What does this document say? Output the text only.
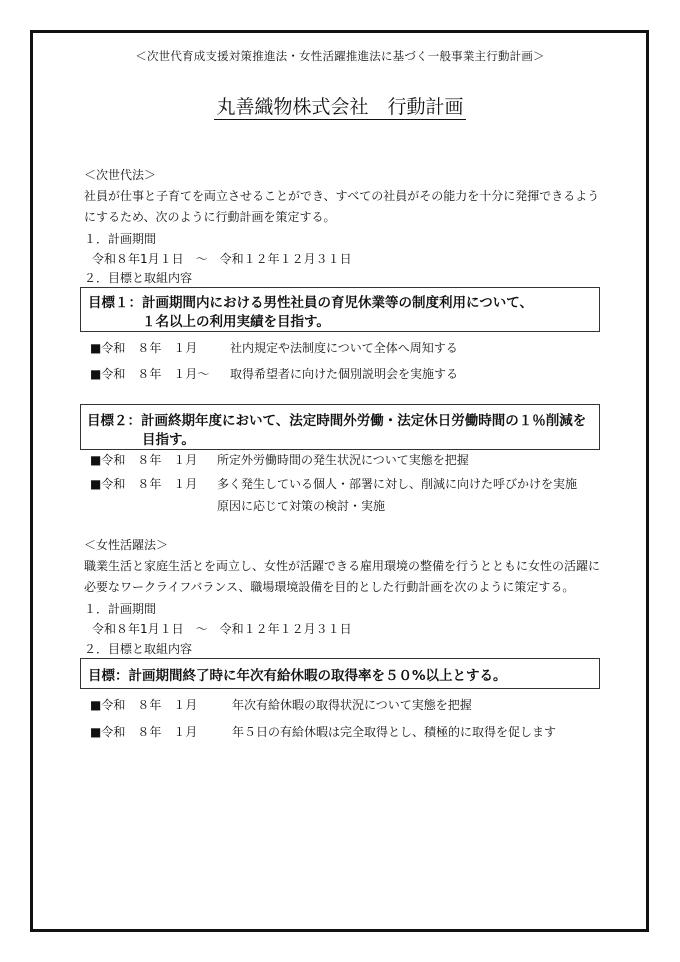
＜次世代育成支援対策推進法・女性活躍推進法に基づく一般事業主行動計画＞
丸善織物株式会社　行動計画
＜次世代法＞
社員が仕事と子育てを両立させることができ、すべての社員がその能力を十分に発揮できるよう
にするため、次のように行動計画を策定する。
１．計画期間
令和８年1月１日　～　令和１２年１２月３１日
２．目標と取組内容
目標１：計画期間内における男性社員の育児休業等の制度利用について、
１名以上の利用実績を目指す。
■令和　８年　１月	社内規定や法制度について全体へ周知する
■令和　８年　１月～ 取得希望者に向けた個別説明会を実施する
目標２：計画終期年度において、法定時間外労働・法定休日労働時間の１％削減を
目指す。
■令和　８年　１月 所定外労働時間の発生状況について実態を把握
■令和　８年　１月 多く発生している個人・部署に対し、削減に向けた呼びかけを実施
原因に応じて対策の検討・実施
＜女性活躍法＞
職業生活と家庭生活とを両立し、女性が活躍できる雇用環境の整備を行うとともに女性の活躍に
必要なワークライフバランス、職場環境設備を目的とした行動計画を次のように策定する。
１．計画期間
令和８年1月１日　～　令和１２年１２月３１日
２．目標と取組内容
目標：計画期間終了時に年次有給休暇の取得率を５０%以上とする。
■令和　８年　１月	年次有給休暇の取得状況について実態を把握
■令和　８年　１月	年５日の有給休暇は完全取得とし、積極的に取得を促します
